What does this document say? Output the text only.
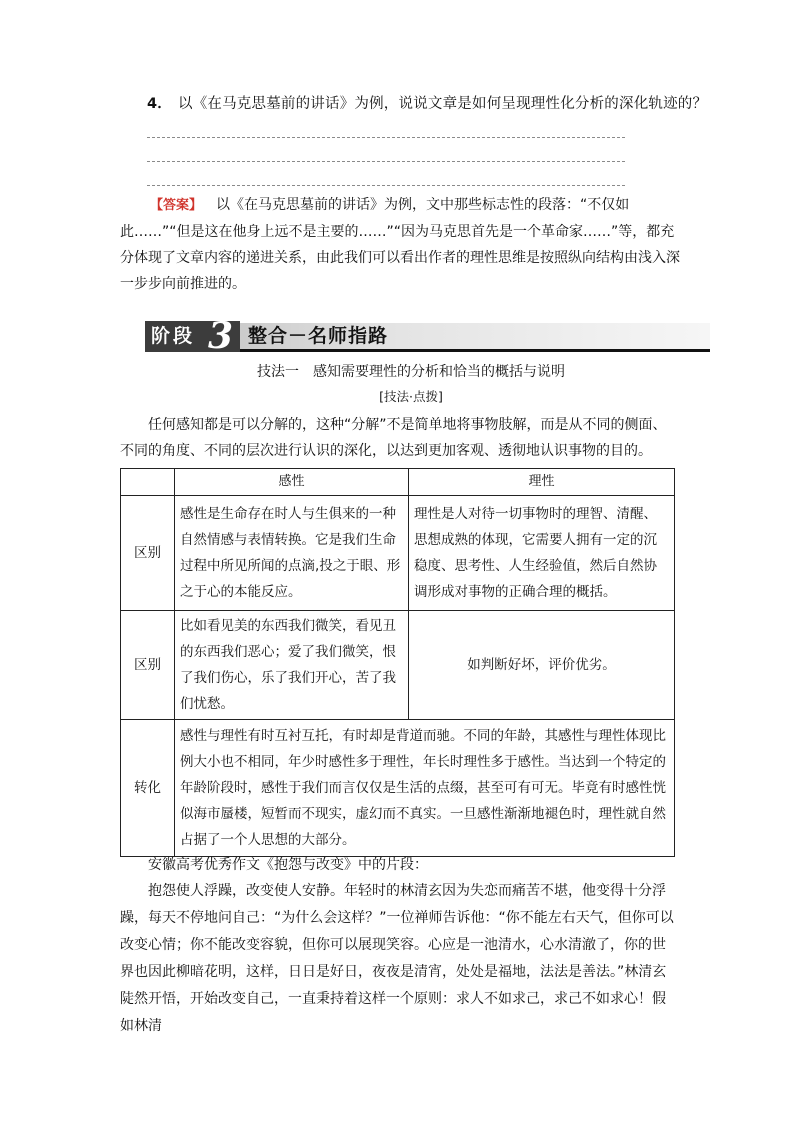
4． 以《在马克思墓前的讲话》为例，说说文章是如何呈现理性化分析的深化轨迹的？
【答案】 以《在马克思墓前的讲话》为例，文中那些标志性的段落：“不仅如此……”“但是这在他身上远不是主要的……”“因为马克思首先是一个革命家……”等，都充分体现了文章内容的递进关系，由此我们可以看出作者的理性思维是按照纵向结构由浅入深一步步向前推进的。
阶段 3 整合－名师指路
技法一　感知需要理性的分析和恰当的概括与说明
[技法·点拨]
任何感知都是可以分解的，这种“分解”不是简单地将事物肢解，而是从不同的侧面、不同的角度、不同的层次进行认识的深化，以达到更加客观、透彻地认识事物的目的。
	感性	理性
区别	感性是生命存在时人与生俱来的一种自然情感与表情转换。它是我们生命过程中所见所闻的点滴,投之于眼、形之于心的本能反应。	理性是人对待一切事物时的理智、清醒、思想成熟的体现，它需要人拥有一定的沉稳度、思考性、人生经验值，然后自然协调形成对事物的正确合理的概括。
区别	比如看见美的东西我们微笑，看见丑的东西我们恶心；爱了我们微笑，恨了我们伤心，乐了我们开心，苦了我们忧愁。	如判断好坏，评价优劣。
转化	感性与理性有时互衬互托，有时却是背道而驰。不同的年龄，其感性与理性体现比例大小也不相同，年少时感性多于理性，年长时理性多于感性。当达到一个特定的年龄阶段时，感性于我们而言仅仅是生活的点缀，甚至可有可无。毕竟有时感性恍似海市蜃楼，短暂而不现实，虚幻而不真实。一旦感性渐渐地褪色时，理性就自然占据了一个人思想的大部分。	
安徽高考优秀作文《抱怨与改变》中的片段：
抱怨使人浮躁，改变使人安静。年轻时的林清玄因为失恋而痛苦不堪，他变得十分浮躁，每天不停地问自己：“为什么会这样？”一位禅师告诉他：“你不能左右天气，但你可以改变心情；你不能改变容貌，但你可以展现笑容。心应是一池清水，心水清澈了，你的世界也因此柳暗花明，这样，日日是好日，夜夜是清宵，处处是福地，法法是善法。”林清玄陡然开悟，开始改变自己，一直秉持着这样一个原则：求人不如求己，求己不如求心！假如林清
